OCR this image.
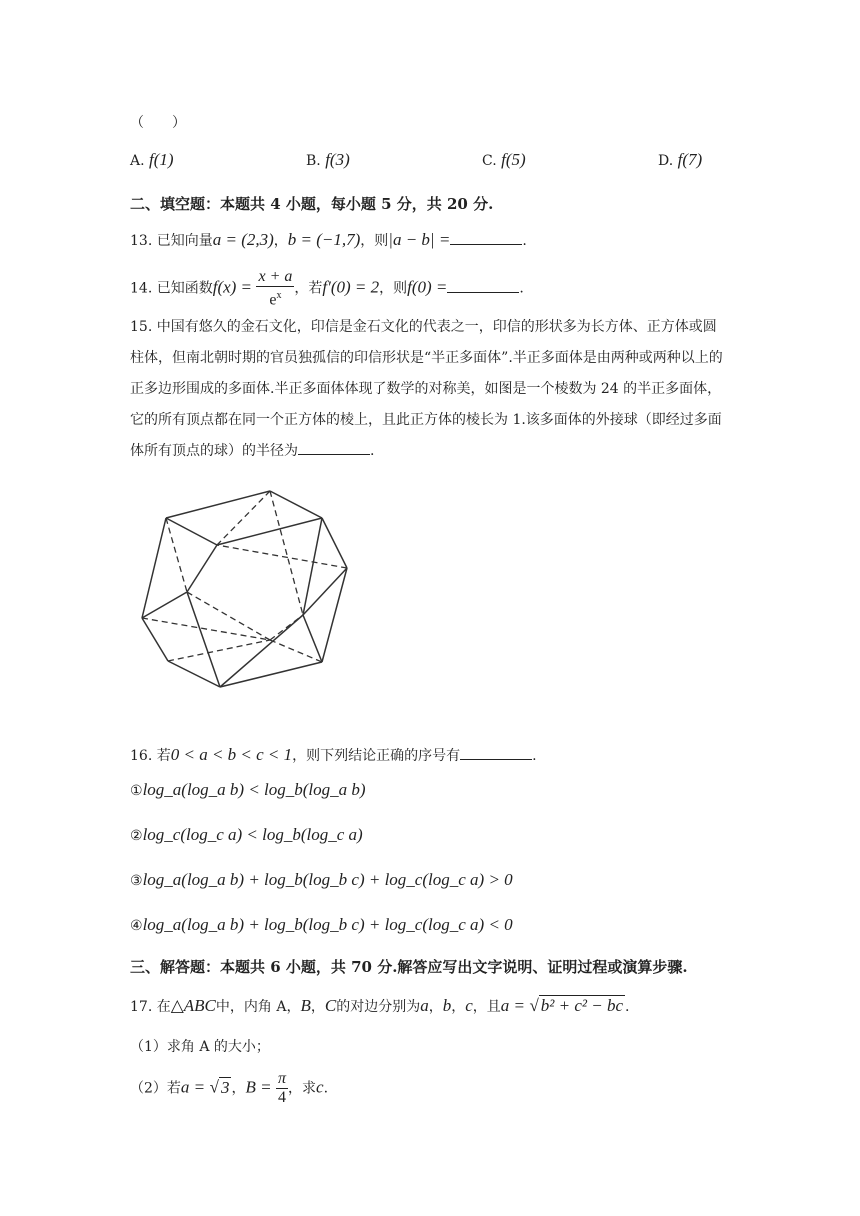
（　　）
A. f(1)	B. f(3)	C. f(5)	D. f(7)
二、填空题：本题共 4 小题，每小题 5 分，共 20 分.
13. 已知向量a = (2,3)，b = (−1,7)，则|a − b| =	.
14. 已知函数$f(x) = \frac{x + a}{e^x}$ ，若f′(0) = 2，则f(0) =	.
15. 中国有悠久的金石文化，印信是金石文化的代表之一，印信的形状多为长方体、正方体或圆柱体，但南北朝时期的官员独孤信的印信形状是“半正多面体”.半正多面体是由两种或两种以上的正多边形围成的多面体.半正多面体体现了数学的对称美，如图是一个棱数为 24 的半正多面体，它的所有顶点都在同一个正方体的棱上，且此正方体的棱长为 1.该多面体的外接球（即经过多面体所有顶点的球）的半径为	.
16. 若0 < a < b < c < 1，则下列结论正确的序号有	.
①log_a(log_a b) < log_b(log_a b)
②log_c(log_c a) < log_b(log_c a)
③log_a(log_a b) + log_b(log_b c) + log_c(log_c a) > 0
④log_a(log_a b) + log_b(log_b c) + log_c(log_c a) < 0
三、解答题：本题共 6 小题，共 70 分.解答应写出文字说明、证明过程或演算步骤.
17. 在△ABC中，内角 A，B，C的对边分别为a，b，c，且a = √ b² + c² − bc .
（1）求角 A 的大小；
（2）若a = √ 3 ，$B = \frac{\pi}{4}$ ，求c.
